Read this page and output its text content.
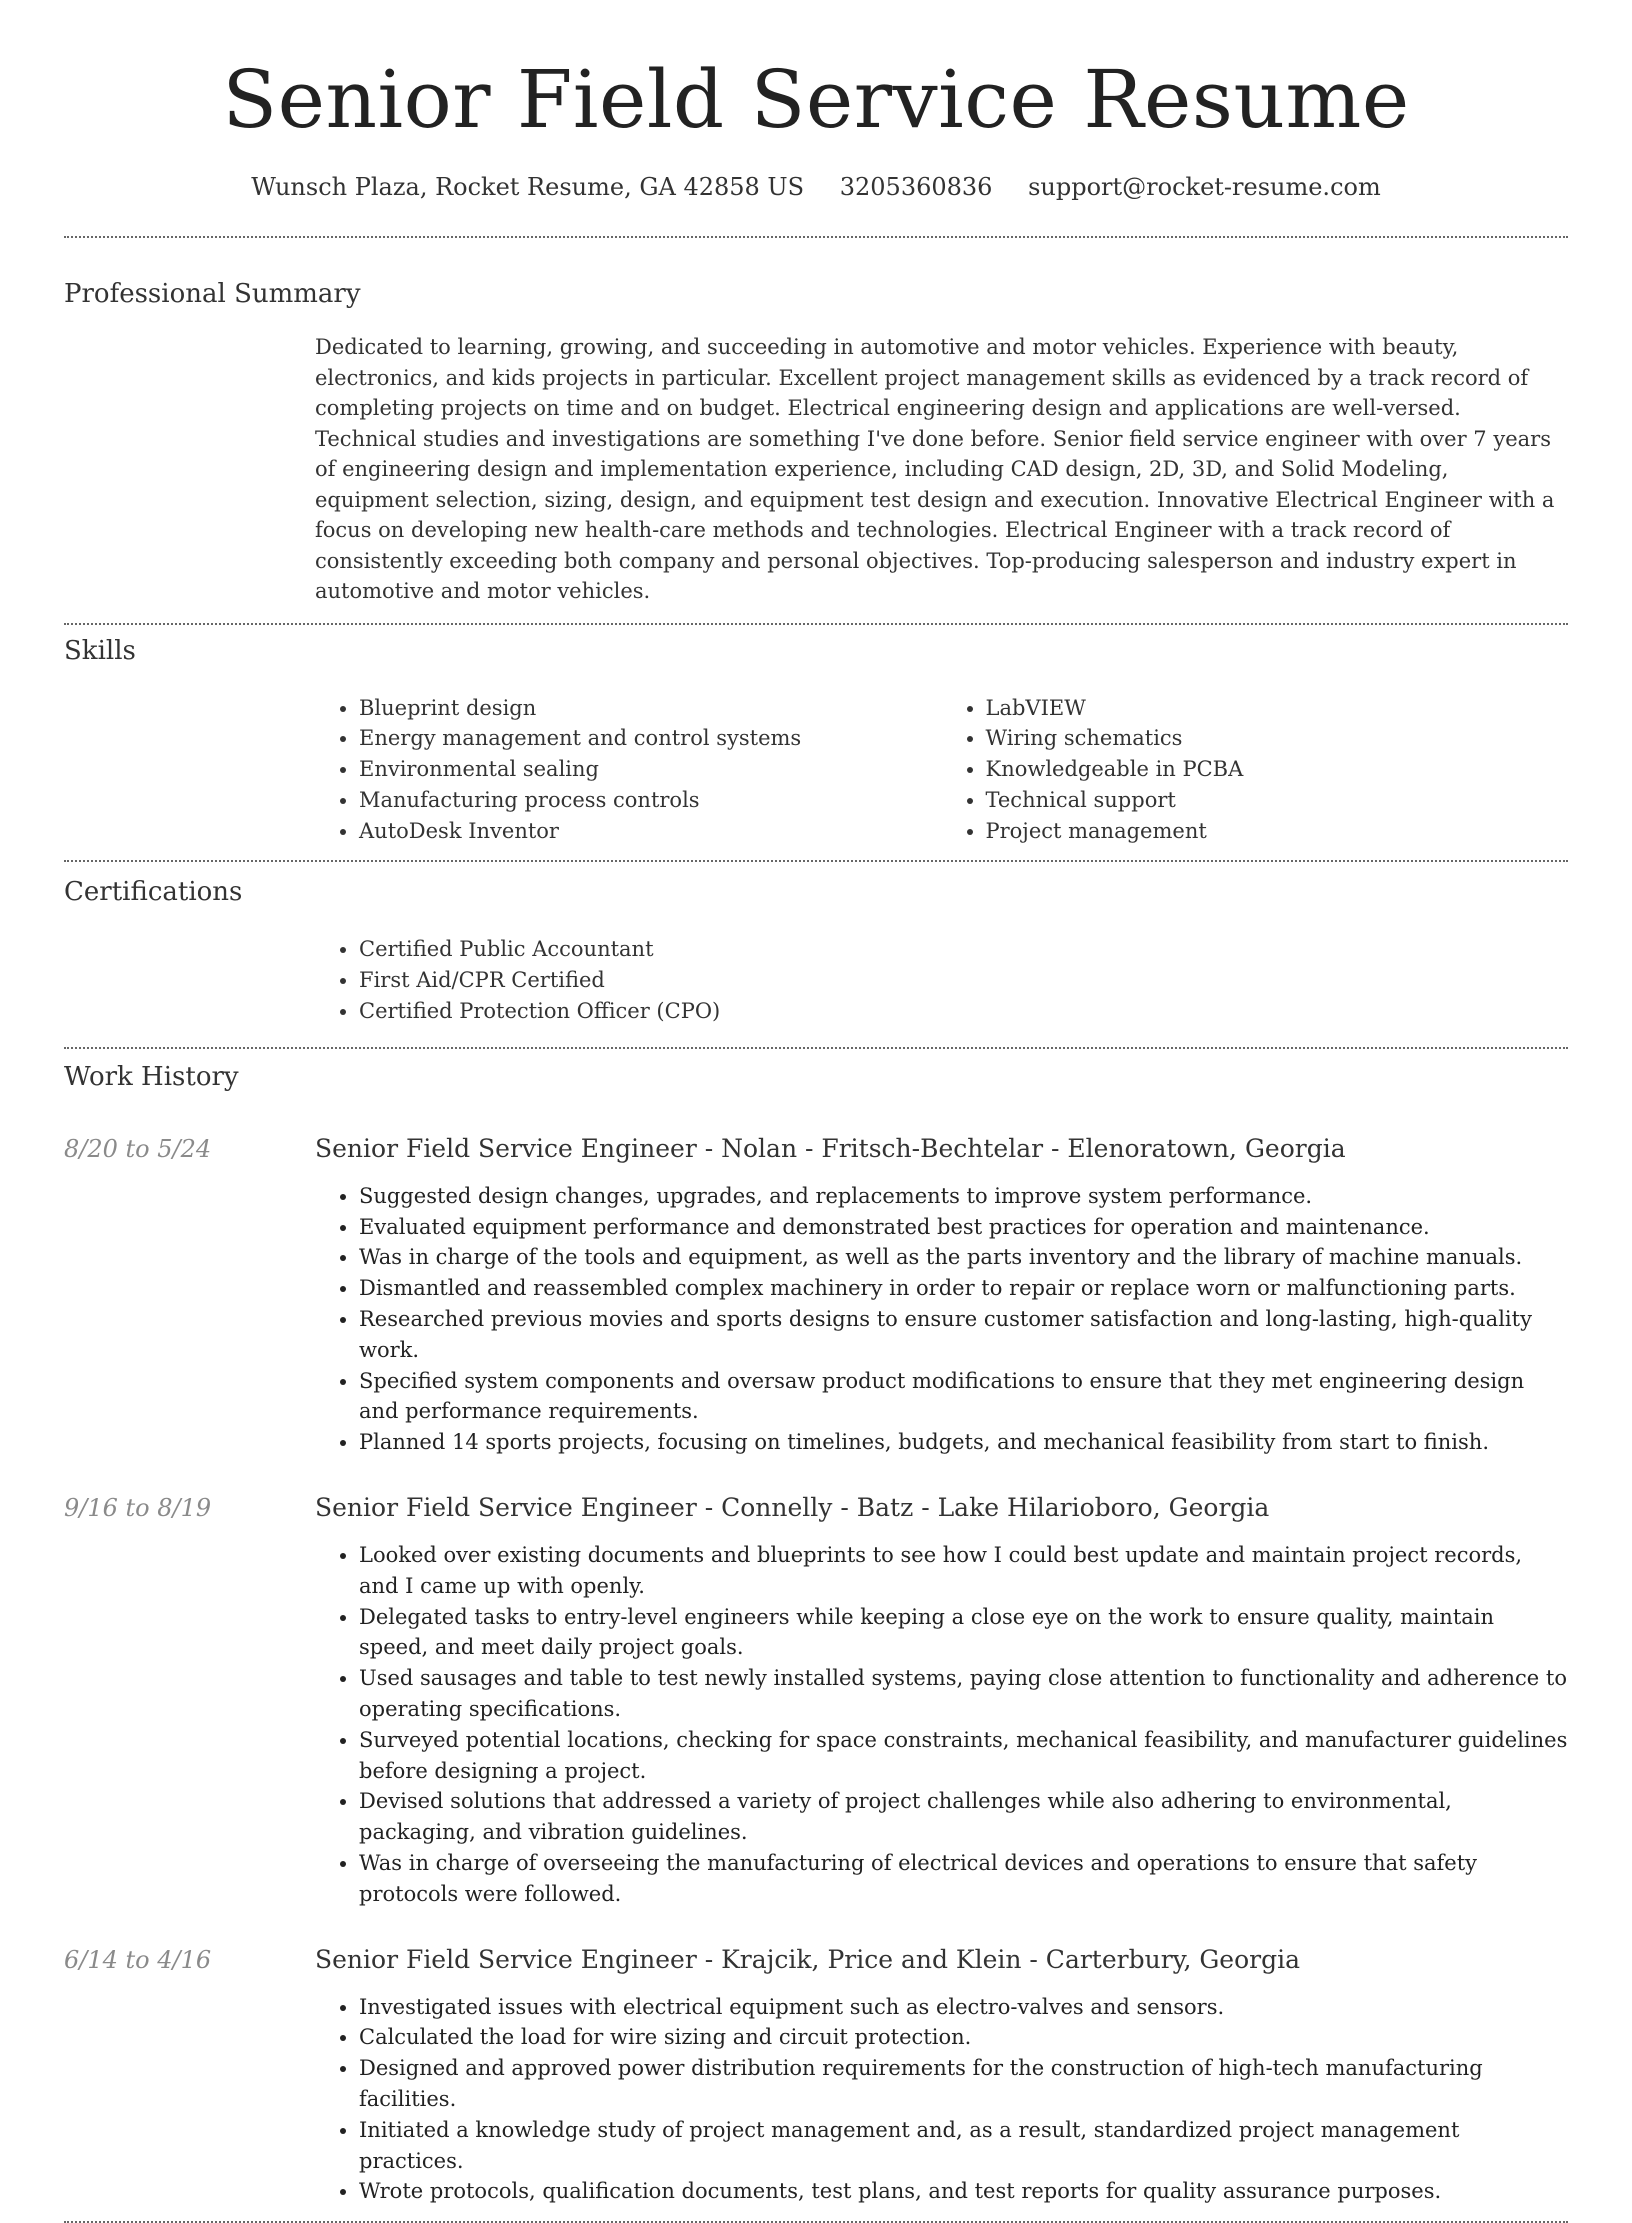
Senior Field Service Resume
Wunsch Plaza, Rocket Resume, GA 42858 US 3205360836 support@rocket-resume.com
Professional Summary
Dedicated to learning, growing, and succeeding in automotive and motor vehicles. Experience with beauty, electronics, and kids projects in particular. Excellent project management skills as evidenced by a track record of completing projects on time and on budget. Electrical engineering design and applications are well-versed. Technical studies and investigations are something I've done before. Senior field service engineer with over 7 years of engineering design and implementation experience, including CAD design, 2D, 3D, and Solid Modeling, equipment selection, sizing, design, and equipment test design and execution. Innovative Electrical Engineer with a focus on developing new health-care methods and technologies. Electrical Engineer with a track record of consistently exceeding both company and personal objectives. Top-producing salesperson and industry expert in automotive and motor vehicles.
Skills
• Blueprint design
• Energy management and control systems
• Environmental sealing
• Manufacturing process controls
• AutoDesk Inventor
• LabVIEW
• Wiring schematics
• Knowledgeable in PCBA
• Technical support
• Project management
Certifications
• Certified Public Accountant
• First Aid/CPR Certified
• Certified Protection Officer (CPO)
Work History
8/20 to 5/24	Senior Field Service Engineer - Nolan - Fritsch-Bechtelar - Elenoratown, Georgia
• Suggested design changes, upgrades, and replacements to improve system performance.
• Evaluated equipment performance and demonstrated best practices for operation and maintenance.
• Was in charge of the tools and equipment, as well as the parts inventory and the library of machine manuals.
• Dismantled and reassembled complex machinery in order to repair or replace worn or malfunctioning parts.
• Researched previous movies and sports designs to ensure customer satisfaction and long-lasting, high-quality work.
• Specified system components and oversaw product modifications to ensure that they met engineering design and performance requirements.
• Planned 14 sports projects, focusing on timelines, budgets, and mechanical feasibility from start to finish.
9/16 to 8/19	Senior Field Service Engineer - Connelly - Batz - Lake Hilarioboro, Georgia
• Looked over existing documents and blueprints to see how I could best update and maintain project records, and I came up with openly.
• Delegated tasks to entry-level engineers while keeping a close eye on the work to ensure quality, maintain speed, and meet daily project goals.
• Used sausages and table to test newly installed systems, paying close attention to functionality and adherence to operating specifications.
• Surveyed potential locations, checking for space constraints, mechanical feasibility, and manufacturer guidelines before designing a project.
• Devised solutions that addressed a variety of project challenges while also adhering to environmental, packaging, and vibration guidelines.
• Was in charge of overseeing the manufacturing of electrical devices and operations to ensure that safety protocols were followed.
6/14 to 4/16	Senior Field Service Engineer - Krajcik, Price and Klein - Carterbury, Georgia
• Investigated issues with electrical equipment such as electro-valves and sensors.
• Calculated the load for wire sizing and circuit protection.
• Designed and approved power distribution requirements for the construction of high-tech manufacturing facilities.
• Initiated a knowledge study of project management and, as a result, standardized project management practices.
• Wrote protocols, qualification documents, test plans, and test reports for quality assurance purposes.
